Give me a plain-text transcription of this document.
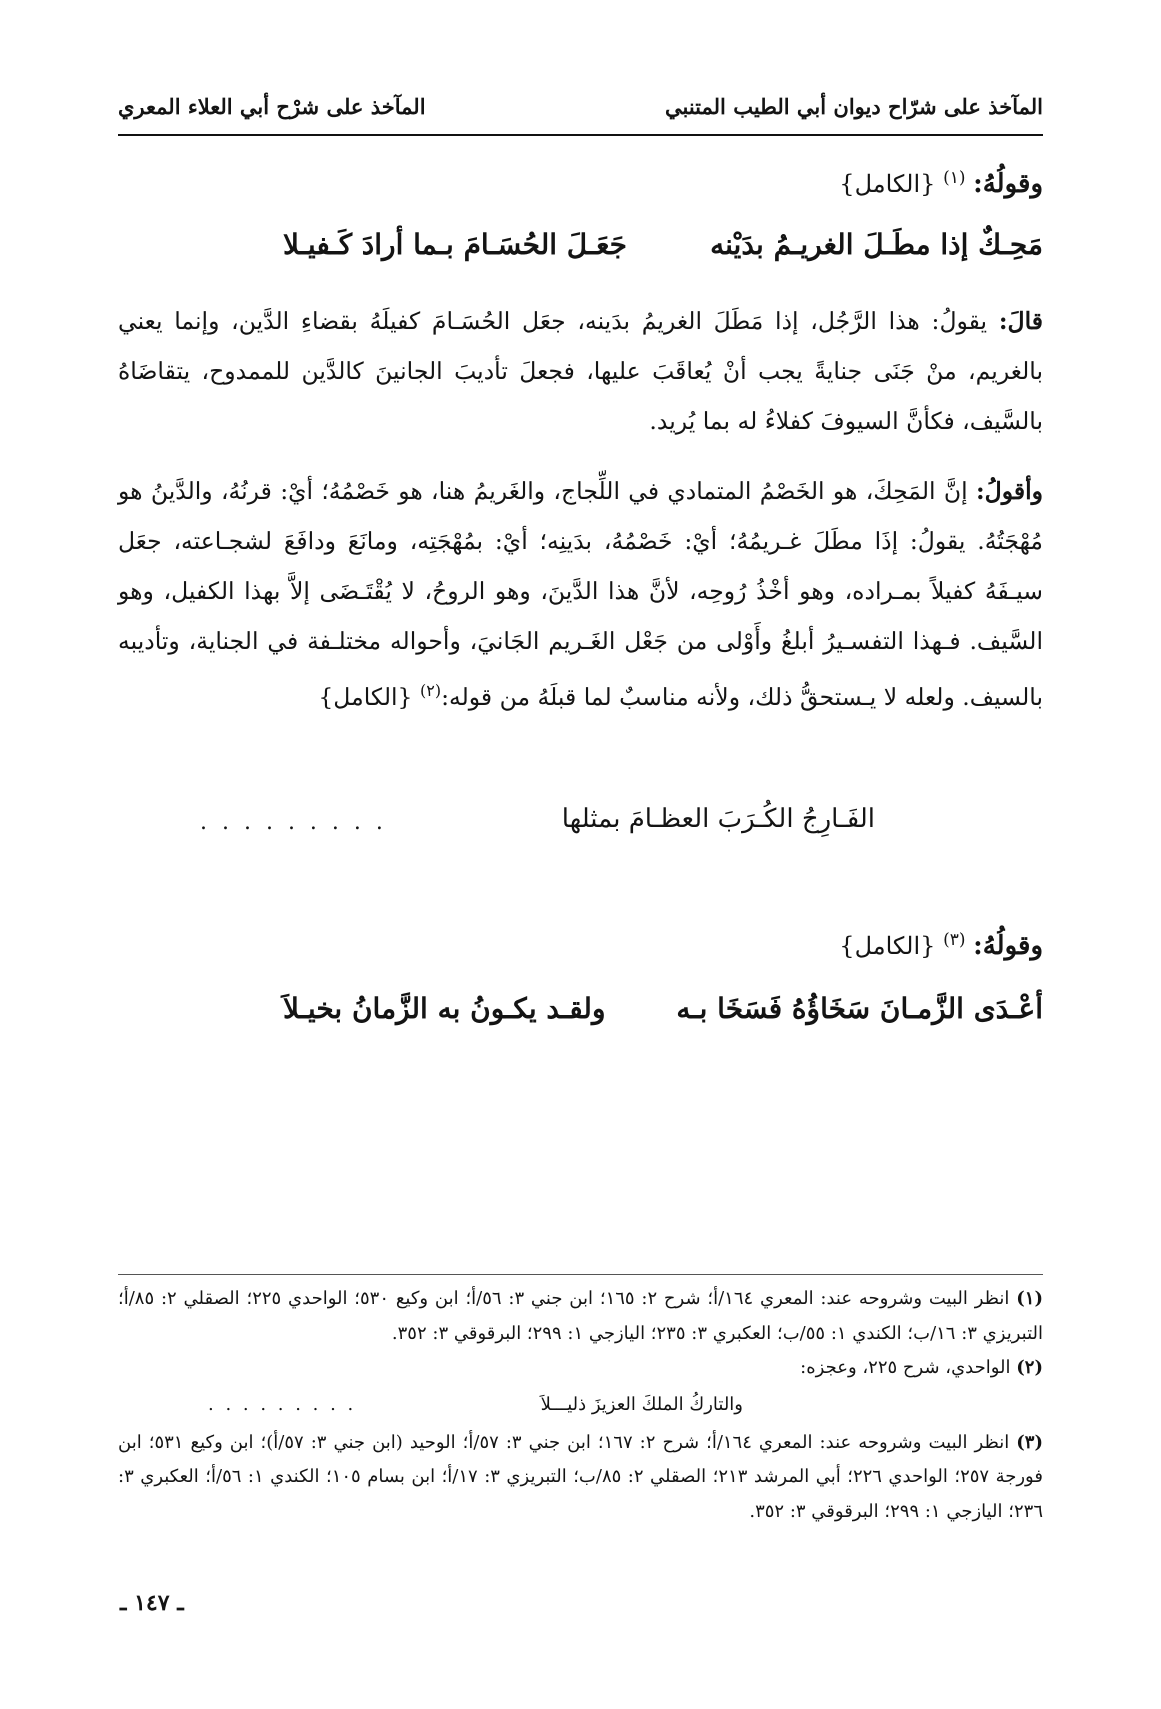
المآخذ على شرّاح ديوان أبي الطيب المتنبي
المآخذ على شرْح أبي العلاء المعري
وقولُهُ: $^{(١)}$ {الكامل}
مَحِـكٌ إذا مطَـلَ الغريـمُ بدَيْنه
جَعَـلَ الحُسَـامَ بـما أرادَ كَـفيـلا

قالَ: يقولُ: هذا الرَّجُل، إذا مَطَلَ الغريمُ بدَينه، جعَل الحُسَـامَ كفيلَهُ بقضاءِ الدَّين، وإنما يعني بالغريم، منْ جَنَى جنايةً يجب أنْ يُعاقَبَ عليها، فجعلَ تأديبَ الجانينَ كالدَّين للممدوح، يتقاضَاهُ بالسَّيف، فكأنَّ السيوفَ كفلاءُ له بما يُريد.

وأقولُ: إنَّ المَحِكَ، هو الخَصْمُ المتمادي في اللِّجاج، والغَريمُ هنا، هو خَصْمُهُ؛ أيْ: قرنُهُ، والدَّينُ هو مُهْجَتُهُ. يقولُ: إذَا مطَلَ غـريمُهُ؛ أيْ: خَصْمُهُ، بدَينِه؛ أيْ: بمُهْجَتِه، ومانَعَ ودافَعَ لشجـاعته، جعَل سيـفَهُ كفيلاً بمـراده، وهو أخْذُ رُوحِه، لأنَّ هذا الدَّينَ، وهو الروحُ، لا يُقْتَـضَى إلاَّ بهذا الكفيل، وهو السَّيف. فـهذا التفسـيرُ أبلغُ وأَوْلى من جَعْل الغَـريم الجَانيَ، وأحواله مختلـفة في الجناية، وتأديبه بالسيف. ولعله لا يـستحقُّ ذلك، ولأنه مناسبٌ لما قبلَهُ من قوله:$^{(٢)}$ {الكامل}

الفَـارِجُ الكُـرَبَ العظـامَ بمثلها
. . . . . . . . .
وقولُهُ: $^{(٣)}$ {الكامل}
أعْـدَى الزَّمـانَ سَخَاؤُهُ فَسَخَا بـه
ولقـد يكـونُ به الزَّمانُ بخيـلاَ
(١) انظر البيت وشروحه عند: المعري ١٦٤/أ؛ شرح ٢: ١٦٥؛ ابن جني ٣: ٥٦/أ؛ ابن وكيع ٥٣٠؛ الواحدي ٢٢٥؛ الصقلي ٢: ٨٥/أ؛ التبريزي ٣: ١٦/ب؛ الكندي ١: ٥٥/ب؛ العكبري ٣: ٢٣٥؛ اليازجي ١: ٢٩٩؛ البرقوقي ٣: ٣٥٢.
(٢) الواحدي، شرح ٢٢٥، وعجزه:
والتاركُ الملكَ العزيزَ ذليـــلاَ
. . . . . . . . .
(٣) انظر البيت وشروحه عند: المعري ١٦٤/أ؛ شرح ٢: ١٦٧؛ ابن جني ٣: ٥٧/أ؛ الوحيد (ابن جني ٣: ٥٧/أ)؛ ابن وكيع ٥٣١؛ ابن فورجة ٢٥٧؛ الواحدي ٢٢٦؛ أبي المرشد ٢١٣؛ الصقلي ٢: ٨٥/ب؛ التبريزي ٣: ١٧/أ؛ ابن بسام ١٠٥؛ الكندي ١: ٥٦/أ؛ العكبري ٣: ٢٣٦؛ اليازجي ١: ٢٩٩؛ البرقوقي ٣: ٣٥٢.
ـ ١٤٧ ـ
